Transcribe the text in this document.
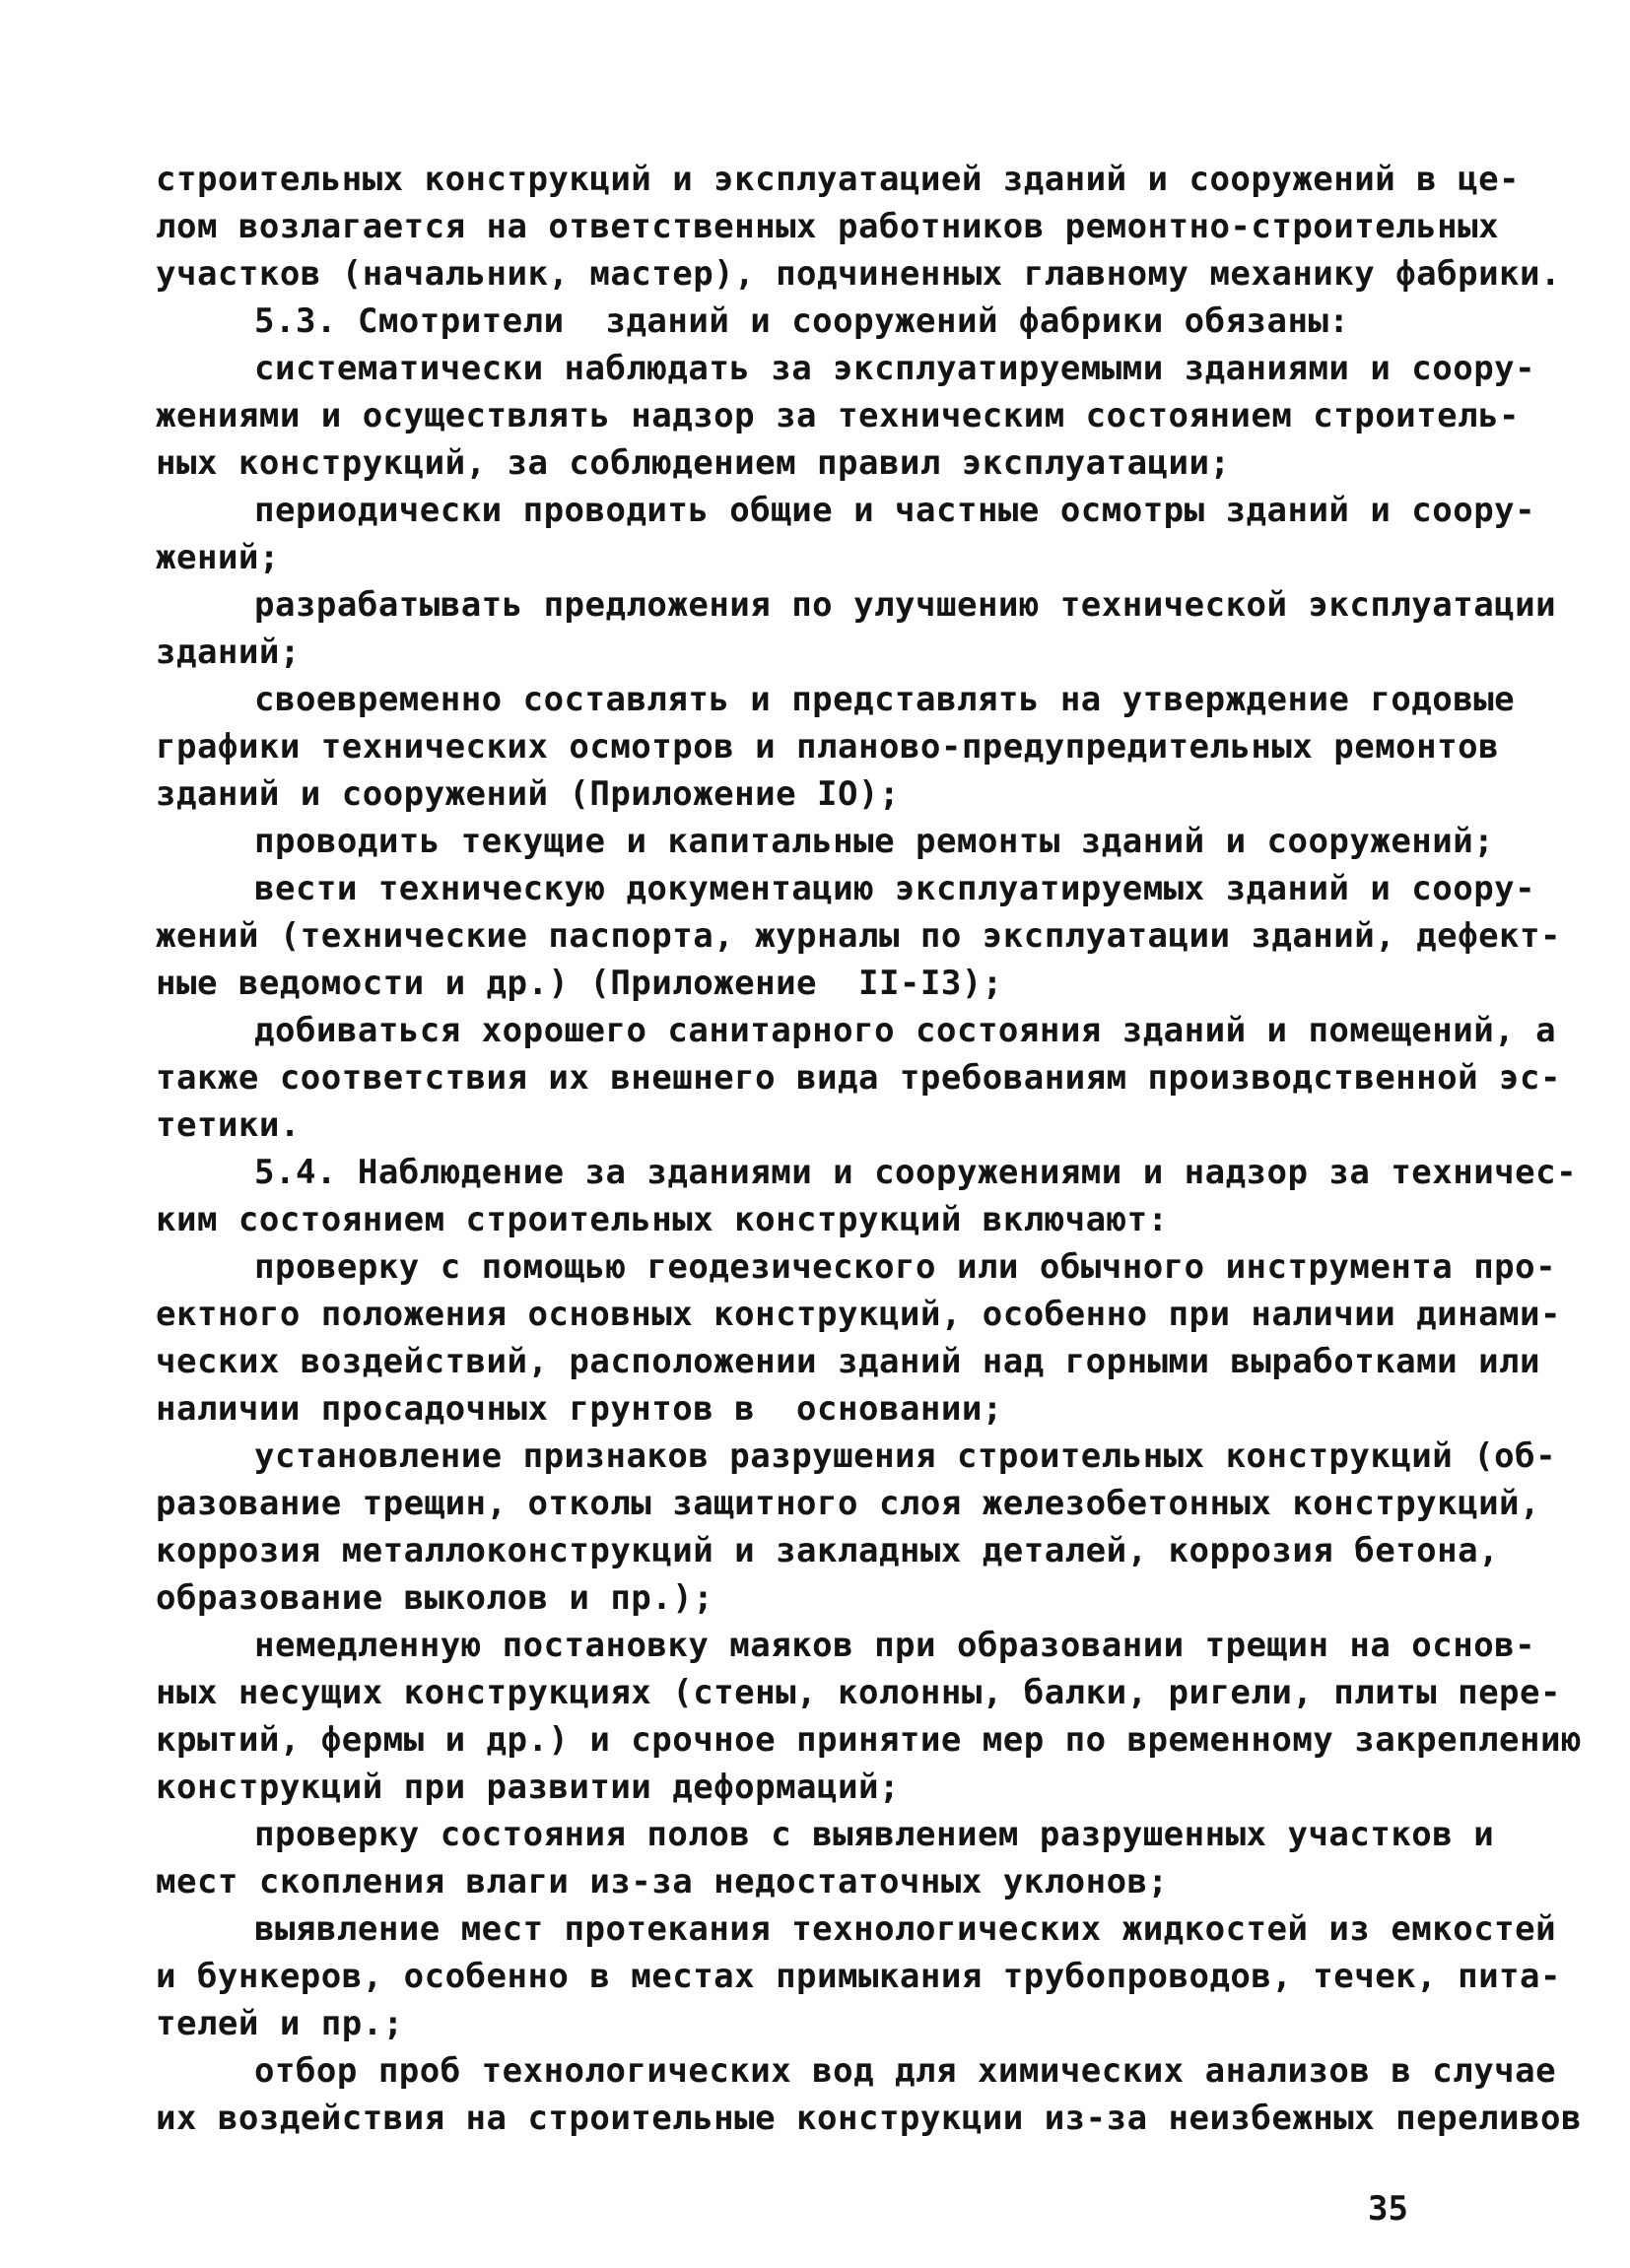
строительных конструкций и эксплуатацией зданий и сооружений в це-
лом возлагается на ответственных работников ремонтно-строительных
участков (начальник, мастер), подчиненных главному механику фабрики.
5.3. Смотрители  зданий и сооружений фабрики обязаны:
систематически наблюдать за эксплуатируемыми зданиями и соору-
жениями и осуществлять надзор за техническим состоянием строитель-
ных конструкций, за соблюдением правил эксплуатации;
периодически проводить общие и частные осмотры зданий и соору-
жений;
разрабатывать предложения по улучшению технической эксплуатации
зданий;
своевременно составлять и представлять на утверждение годовые
графики технических осмотров и планово-предупредительных ремонтов
зданий и сооружений (Приложение IO);
проводить текущие и капитальные ремонты зданий и сооружений;
вести техническую документацию эксплуатируемых зданий и соору-
жений (технические паспорта, журналы по эксплуатации зданий, дефект-
ные ведомости и др.) (Приложение  II-I3);
добиваться хорошего санитарного состояния зданий и помещений, а
также соответствия их внешнего вида требованиям производственной эс-
тетики.
5.4. Наблюдение за зданиями и сооружениями и надзор за техничес-
ким состоянием строительных конструкций включают:
проверку с помощью геодезического или обычного инструмента про-
ектного положения основных конструкций, особенно при наличии динами-
ческих воздействий, расположении зданий над горными выработками или
наличии просадочных грунтов в  основании;
установление признаков разрушения строительных конструкций (об-
разование трещин, отколы защитного слоя железобетонных конструкций,
коррозия металлоконструкций и закладных деталей, коррозия бетона,
образование выколов и пр.);
немедленную постановку маяков при образовании трещин на основ-
ных несущих конструкциях (стены, колонны, балки, ригели, плиты пере-
крытий, фермы и др.) и срочное принятие мер по временному закреплению
конструкций при развитии деформаций;
проверку состояния полов с выявлением разрушенных участков и
мест скопления влаги из-за недостаточных уклонов;
выявление мест протекания технологических жидкостей из емкостей
и бункеров, особенно в местах примыкания трубопроводов, течек, пита-
телей и пр.;
отбор проб технологических вод для химических анализов в случае
их воздействия на строительные конструкции из-за неизбежных переливов
35
